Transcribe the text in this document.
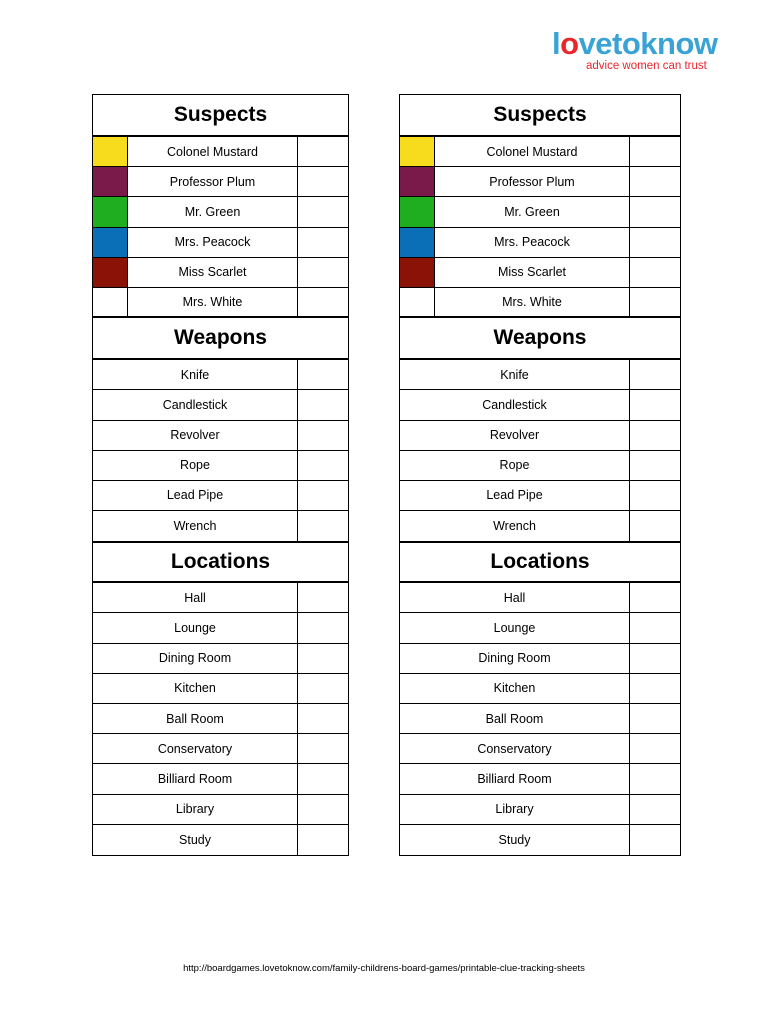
lovetoknow
advice women can trust
Suspects
Colonel Mustard
Professor Plum
Mr. Green
Mrs. Peacock
Miss Scarlet
Mrs. White
Weapons
Knife
Candlestick
Revolver
Rope
Lead Pipe
Wrench
Locations
Hall
Lounge
Dining Room
Kitchen
Ball Room
Conservatory
Billiard Room
Library
Study
Suspects
Colonel Mustard
Professor Plum
Mr. Green
Mrs. Peacock
Miss Scarlet
Mrs. White
Weapons
Knife
Candlestick
Revolver
Rope
Lead Pipe
Wrench
Locations
Hall
Lounge
Dining Room
Kitchen
Ball Room
Conservatory
Billiard Room
Library
Study
http://boardgames.lovetoknow.com/family-childrens-board-games/printable-clue-tracking-sheets
